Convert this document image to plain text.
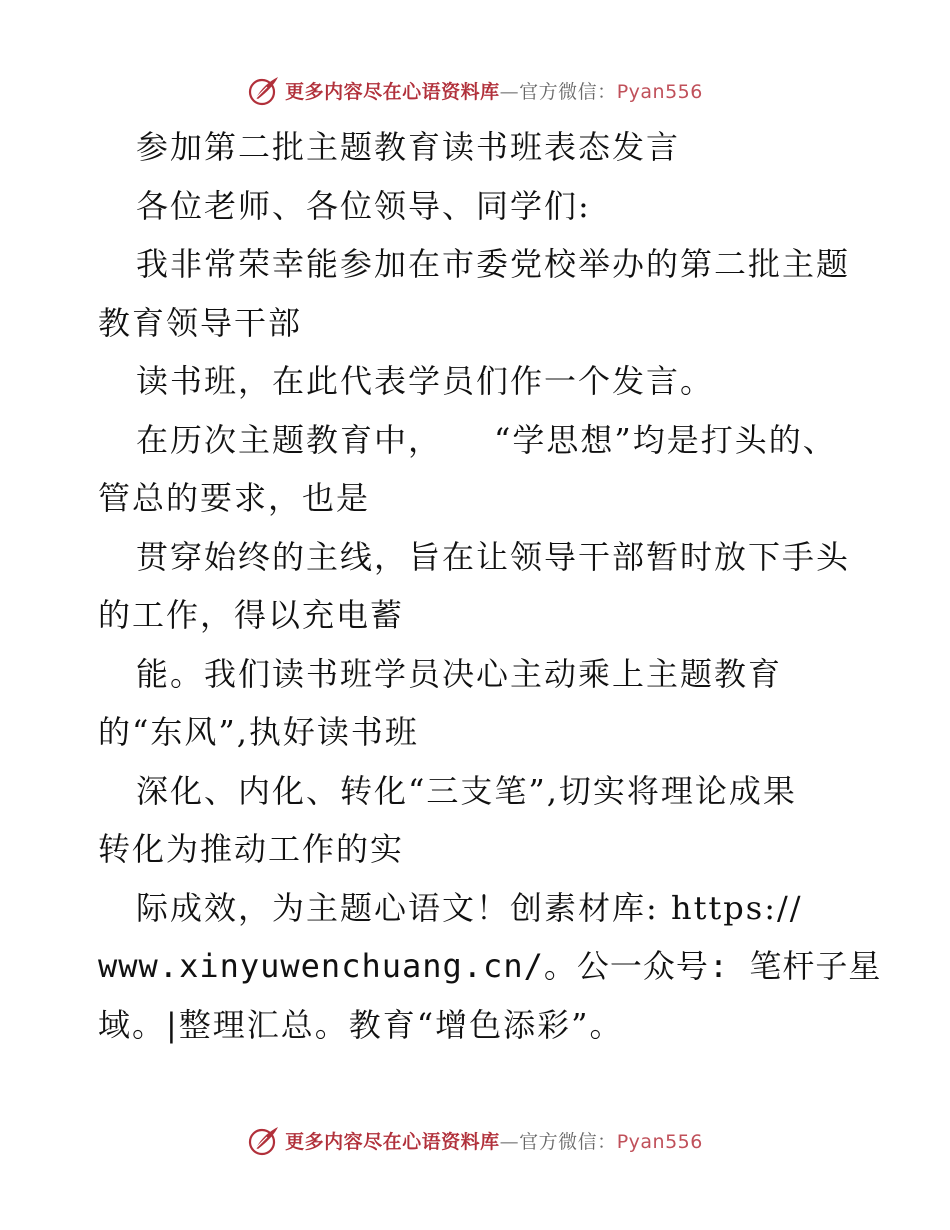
更多内容尽在心语资料库—官方微信：Pyan556
参加第二批主题教育读书班表态发言
各位老师、各位领导、同学们:
我非常荣幸能参加在市委党校举办的第二批主题
教育领导干部
读书班，在此代表学员们作一个发言。
在历次主题教育中，　　“学思想”均是打头的、
管总的要求，也是
贯穿始终的主线，旨在让领导干部暂时放下手头
的工作，得以充电蓄
能。我们读书班学员决心主动乘上主题教育
的“东风”,执好读书班
深化、内化、转化“三支笔”,切实将理论成果
转化为推动工作的实
际成效，为主题心语文！创素材库: https://
www.xinyuwenchuang.cn/。公一众号: 笔杆子星
域。|整理汇总。教育“增色添彩”。
更多内容尽在心语资料库—官方微信：Pyan556
